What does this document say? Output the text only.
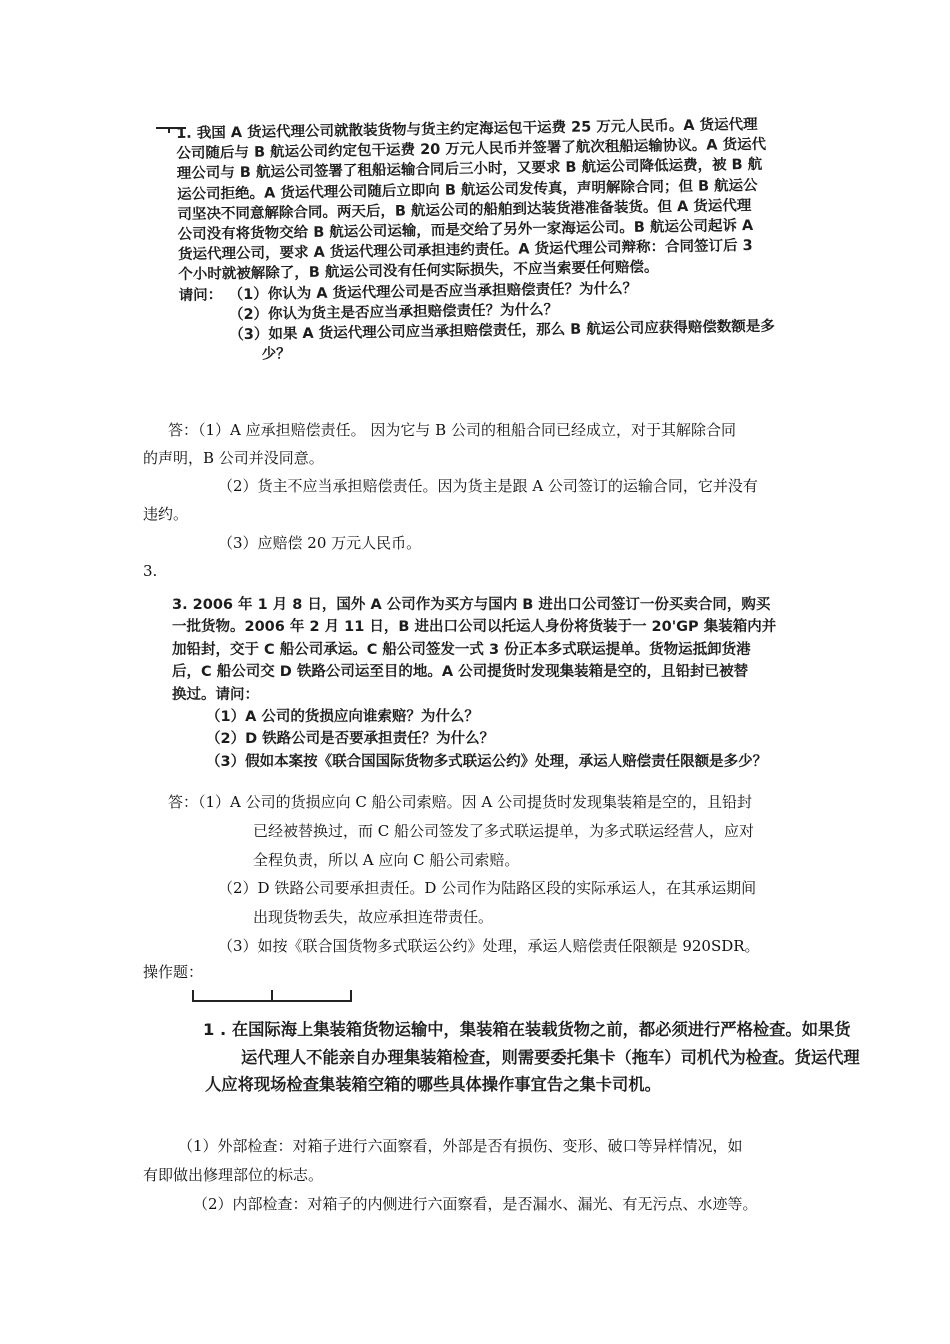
1. 我国 A 货运代理公司就散装货物与货主约定海运包干运费 25 万元人民币。A 货运代理
公司随后与 B 航运公司约定包干运费 20 万元人民币并签署了航次租船运输协议。A 货运代
理公司与 B 航运公司签署了租船运输合同后三小时，又要求 B 航运公司降低运费，被 B 航
运公司拒绝。A 货运代理公司随后立即向 B 航运公司发传真，声明解除合同；但 B 航运公
司坚决不同意解除合同。两天后，B 航运公司的船舶到达装货港准备装货。但 A 货运代理
公司没有将货物交给 B 航运公司运输，而是交给了另外一家海运公司。B 航运公司起诉 A
货运代理公司，要求 A 货运代理公司承担违约责任。A 货运代理公司辩称：合同签订后 3
个小时就被解除了，B 航运公司没有任何实际损失，不应当索要任何赔偿。
请问： （1）你认为 A 货运代理公司是否应当承担赔偿责任？为什么？
（2）你认为货主是否应当承担赔偿责任？为什么？
（3）如果 A 货运代理公司应当承担赔偿责任，那么 B 航运公司应获得赔偿数额是多
少？
答：（1）A 应承担赔偿责任。 因为它与 B 公司的租船合同已经成立，对于其解除合同
的声明，B 公司并没同意。
（2）货主不应当承担赔偿责任。因为货主是跟 A 公司签订的运输合同，它并没有
违约。
（3）应赔偿 20 万元人民币。
3.
3. 2006 年 1 月 8 日，国外 A 公司作为买方与国内 B 进出口公司签订一份买卖合同，购买
一批货物。2006 年 2 月 11 日，B 进出口公司以托运人身份将货装于一 20'GP 集装箱内并
加铅封，交于 C 船公司承运。C 船公司签发一式 3 份正本多式联运提单。货物运抵卸货港
后，C 船公司交 D 铁路公司运至目的地。A 公司提货时发现集装箱是空的，且铅封已被替
换过。请问：
（1）A 公司的货损应向谁索赔？为什么？
（2）D 铁路公司是否要承担责任？为什么？
（3）假如本案按《联合国国际货物多式联运公约》处理，承运人赔偿责任限额是多少？
答：（1）A 公司的货损应向 C 船公司索赔。因 A 公司提货时发现集装箱是空的，且铅封
已经被替换过，而 C 船公司签发了多式联运提单，为多式联运经营人，应对
全程负责，所以 A 应向 C 船公司索赔。
（2）D 铁路公司要承担责任。D 公司作为陆路区段的实际承运人，在其承运期间
出现货物丢失，故应承担连带责任。
（3）如按《联合国货物多式联运公约》处理，承运人赔偿责任限额是 920SDR。
操作题：
1 . 在国际海上集装箱货物运输中，集装箱在装载货物之前，都必须进行严格检查。如果货
运代理人不能亲自办理集装箱检查，则需要委托集卡（拖车）司机代为检查。货运代理
人应将现场检查集装箱空箱的哪些具体操作事宜告之集卡司机。
（1）外部检查：对箱子进行六面察看，外部是否有损伤、变形、破口等异样情况，如
有即做出修理部位的标志。
（2）内部检查：对箱子的内侧进行六面察看，是否漏水、漏光、有无污点、水迹等。
